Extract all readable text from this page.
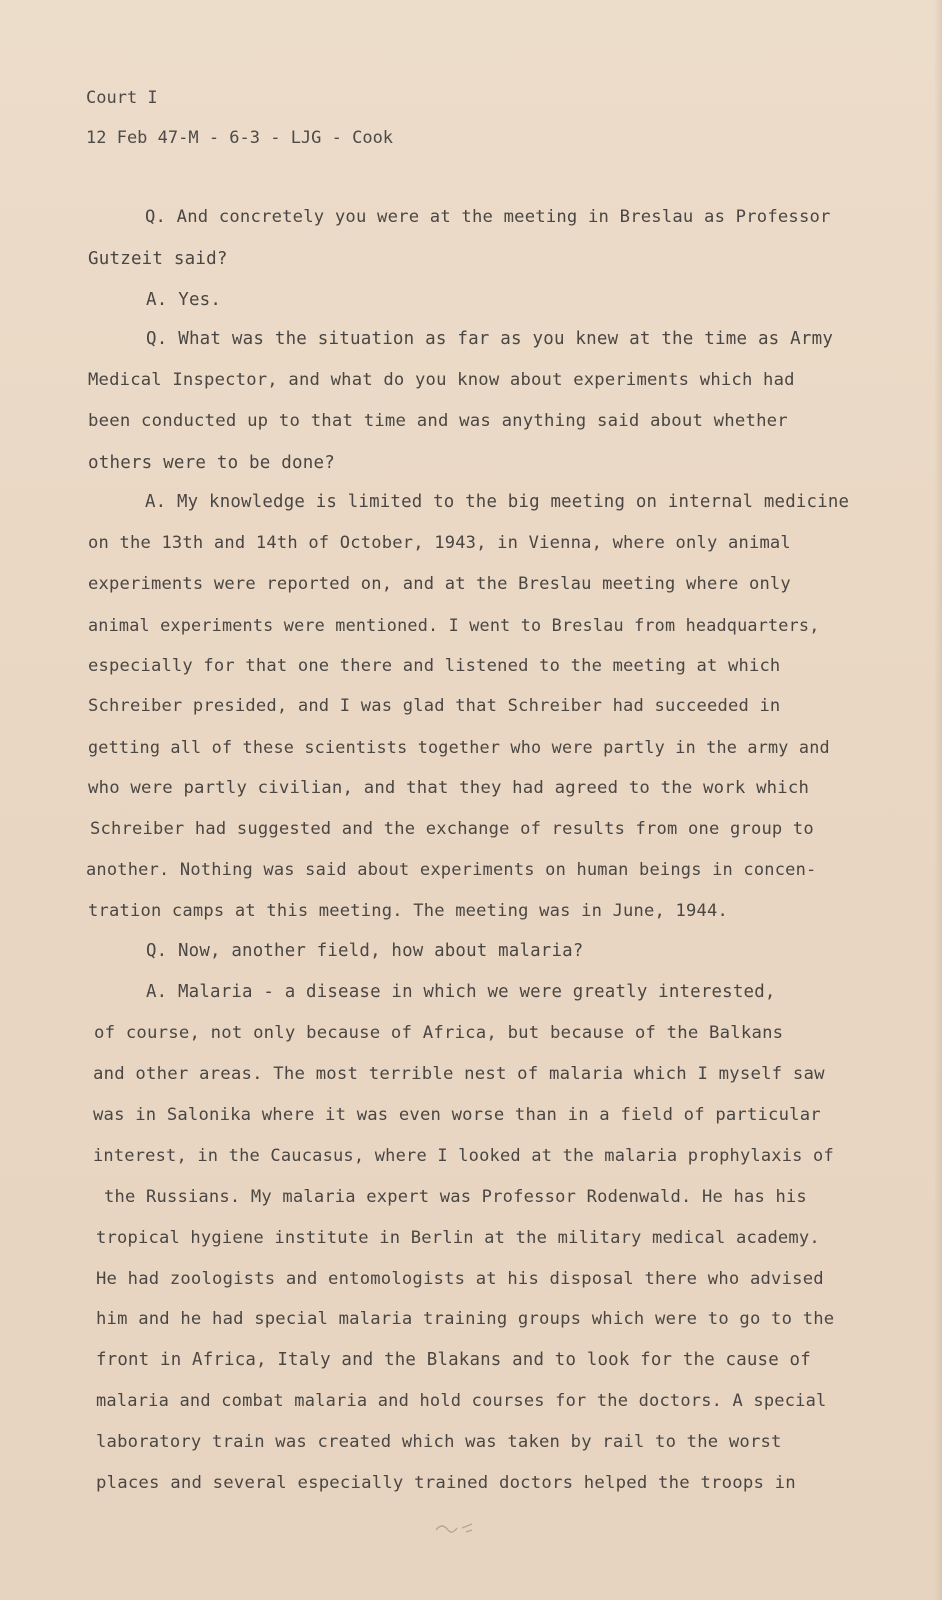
Court I
12 Feb 47-M - 6-3 - LJG - Cook
Q. And concretely you were at the meeting in Breslau as Professor
Gutzeit said?
A. Yes.
Q. What was the situation as far as you knew at the time as Army
Medical Inspector, and what do you know about experiments which had
been conducted up to that time and was anything said about whether
others were to be done?
A. My knowledge is limited to the big meeting on internal medicine
on the 13th and 14th of October, 1943, in Vienna, where only animal
experiments were reported on, and at the Breslau meeting where only
animal experiments were mentioned. I went to Breslau from headquarters,
especially for that one there and listened to the meeting at which
Schreiber presided, and I was glad that Schreiber had succeeded in
getting all of these scientists together who were partly in the army and
who were partly civilian, and that they had agreed to the work which
Schreiber had suggested and the exchange of results from one group to
another. Nothing was said about experiments on human beings in concen-
tration camps at this meeting. The meeting was in June, 1944.
Q. Now, another field, how about malaria?
A. Malaria - a disease in which we were greatly interested,
of course, not only because of Africa, but because of the Balkans
and other areas. The most terrible nest of malaria which I myself saw
was in Salonika where it was even worse than in a field of particular
interest, in the Caucasus, where I looked at the malaria prophylaxis of
the Russians. My malaria expert was Professor Rodenwald. He has his
tropical hygiene institute in Berlin at the military medical academy.
He had zoologists and entomologists at his disposal there who advised
him and he had special malaria training groups which were to go to the
front in Africa, Italy and the Blakans and to look for the cause of
malaria and combat malaria and hold courses for the doctors. A special
laboratory train was created which was taken by rail to the worst
places and several especially trained doctors helped the troops in
